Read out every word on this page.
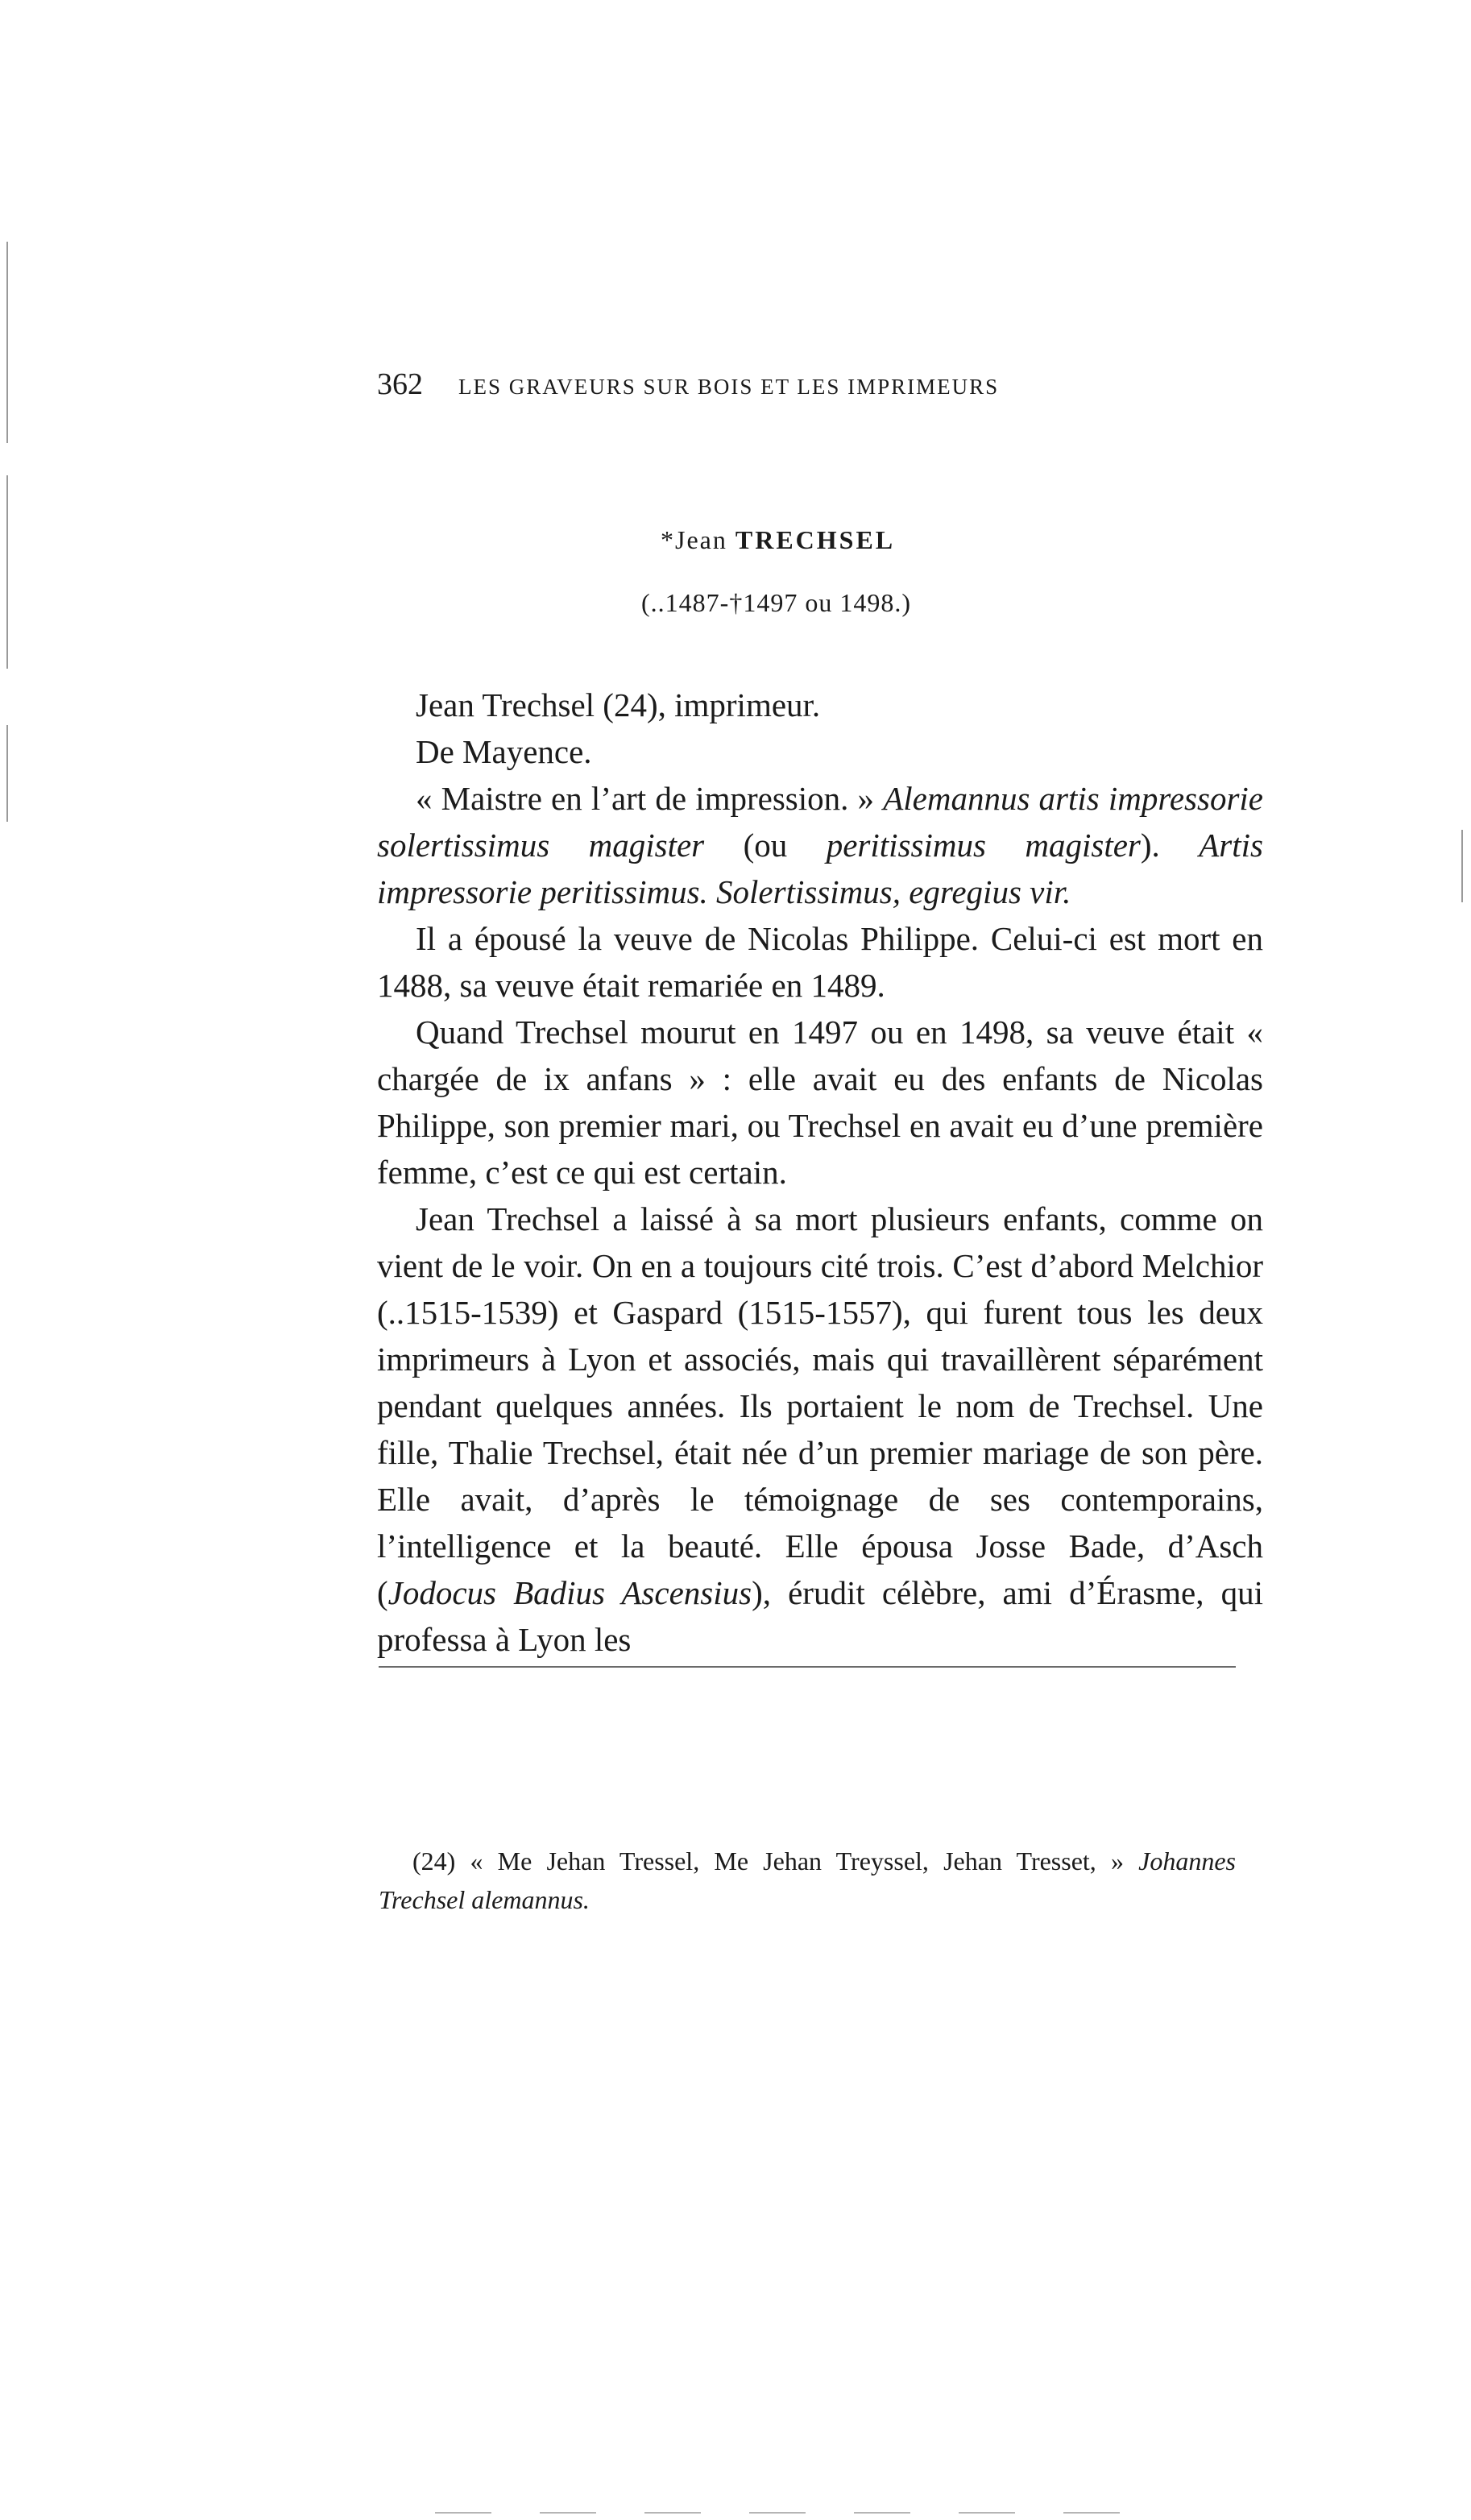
362 LES GRAVEURS SUR BOIS ET LES IMPRIMEURS
*Jean TRECHSEL
(..1487-†1497 ou 1498.)

Jean Trechsel (24), imprimeur.

De Mayence.

« Maistre en l’art de impression. » Alemannus artis impressorie solertissimus magister (ou peritissimus magister). Artis impressorie peritissimus. Solertissimus, egregius vir.

Il a épousé la veuve de Nicolas Philippe. Celui-ci est mort en 1488, sa veuve était remariée en 1489.

Quand Trechsel mourut en 1497 ou en 1498, sa veuve était « chargée de ix anfans » : elle avait eu des enfants de Nicolas Philippe, son premier mari, ou Trechsel en avait eu d’une première femme, c’est ce qui est certain.

Jean Trechsel a laissé à sa mort plusieurs enfants, comme on vient de le voir. On en a toujours cité trois. C’est d’abord Melchior (..1515-1539) et Gaspard (1515-1557), qui furent tous les deux imprimeurs à Lyon et associés, mais qui travaillèrent séparément pendant quelques années. Ils portaient le nom de Trechsel. Une fille, Thalie Trechsel, était née d’un premier mariage de son père. Elle avait, d’après le témoignage de ses contemporains, l’intelligence et la beauté. Elle épousa Josse Bade, d’Asch (Jodocus Badius Ascensius), érudit célèbre, ami d’Érasme, qui professa à Lyon les

(24) « Me Jehan Tressel, Me Jehan Treyssel, Jehan Tresset, » Johannes Trechsel alemannus.
